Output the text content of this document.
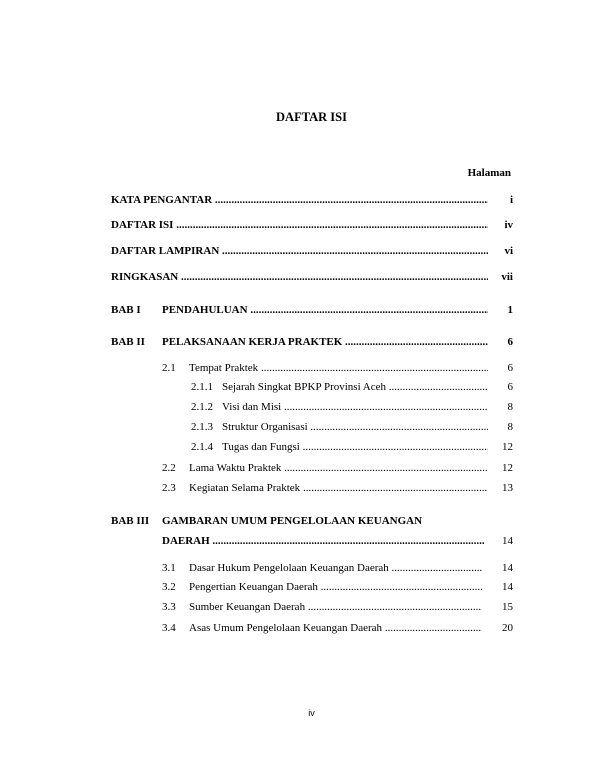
DAFTAR ISI
Halaman
KATA PENGANTAR .....	i
DAFTAR ISI .....	iv
DAFTAR LAMPIRAN .....	vi
RINGKASAN .....	vii
BAB I PENDAHULUAN .....	1
BAB II PELAKSANAAN KERJA PRAKTEK .....	6
2.1 Tempat Praktek .....	6
2.1.1 Sejarah Singkat BPKP Provinsi Aceh .....	6
2.1.2 Visi dan Misi .....	8
2.1.3 Struktur Organisasi .....	8
2.1.4 Tugas dan Fungsi .....	12
2.2 Lama Waktu Praktek .....	12
2.3 Kegiatan Selama Praktek .....	13
BAB III GAMBARAN UMUM PENGELOLAAN KEUANGAN
DAERAH .....	14
3.1 Dasar Hukum Pengelolaan Keuangan Daerah .....	14
3.2 Pengertian Keuangan Daerah .....	14
3.3 Sumber Keuangan Daerah .....	15
3.4 Asas Umum Pengelolaan Keuangan Daerah .....	20
iv
